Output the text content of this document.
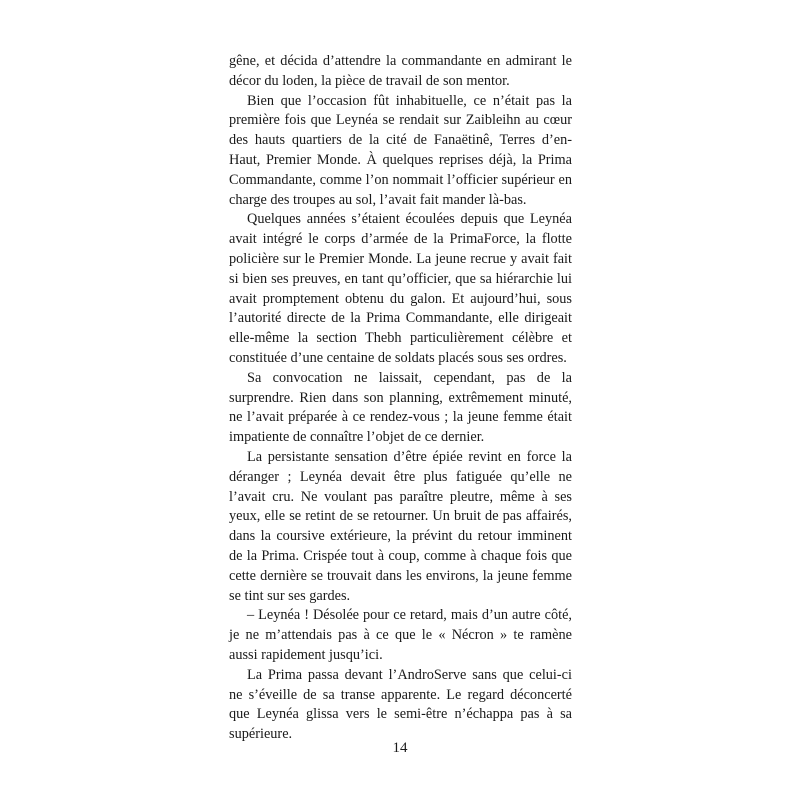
gêne, et décida d’attendre la commandante en admirant le décor du loden, la pièce de travail de son mentor.

Bien que l’occasion fût inhabituelle, ce n’était pas la première fois que Leynéa se rendait sur Zaibleihn au cœur des hauts quartiers de la cité de Fanaëtinê, Terres d’en-Haut, Premier Monde. À quelques reprises déjà, la Prima Commandante, comme l’on nommait l’officier supérieur en charge des troupes au sol, l’avait fait mander là-bas.

Quelques années s’étaient écoulées depuis que Leynéa avait intégré le corps d’armée de la PrimaForce, la flotte policière sur le Premier Monde. La jeune recrue y avait fait si bien ses preuves, en tant qu’officier, que sa hiérarchie lui avait promptement obtenu du galon. Et aujourd’hui, sous l’autorité directe de la Prima Commandante, elle dirigeait elle-même la section Thebh particulièrement célèbre et constituée d’une centaine de soldats placés sous ses ordres.

Sa convocation ne laissait, cependant, pas de la surprendre. Rien dans son planning, extrêmement minuté, ne l’avait préparée à ce rendez-vous ; la jeune femme était impatiente de connaître l’objet de ce dernier.

La persistante sensation d’être épiée revint en force la déranger ; Leynéa devait être plus fatiguée qu’elle ne l’avait cru. Ne voulant pas paraître pleutre, même à ses yeux, elle se retint de se retourner. Un bruit de pas affairés, dans la coursive extérieure, la prévint du retour imminent de la Prima. Crispée tout à coup, comme à chaque fois que cette dernière se trouvait dans les environs, la jeune femme se tint sur ses gardes.

– Leynéa ! Désolée pour ce retard, mais d’un autre côté, je ne m’attendais pas à ce que le « Nécron » te ramène aussi rapidement jusqu’ici.

La Prima passa devant l’AndroServe sans que celui-ci ne s’éveille de sa transe apparente. Le regard déconcerté que Leynéa glissa vers le semi-être n’échappa pas à sa supérieure.

14
